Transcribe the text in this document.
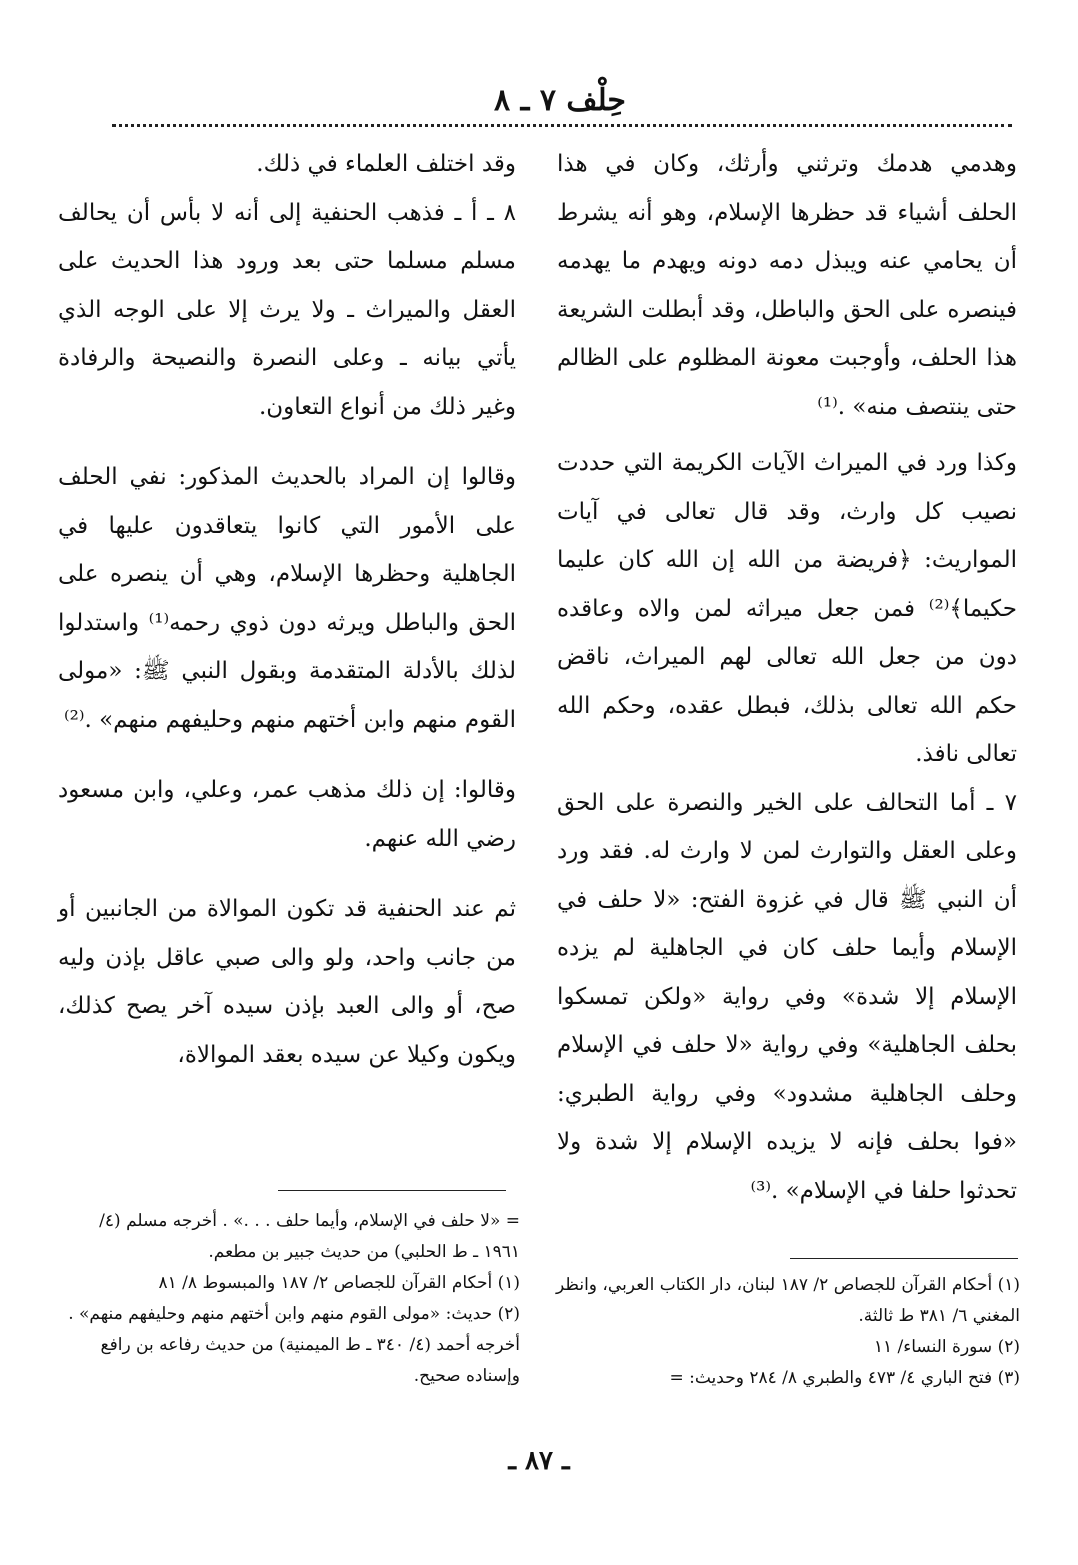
حِلْف ٧ ـ ٨

وهدمي هدمك وترثني وأرثك، وكان في هذا الحلف أشياء قد حظرها الإسلام، وهو أنه يشرط أن يحامي عنه ويبذل دمه دونه ويهدم ما يهدمه فينصره على الحق والباطل، وقد أبطلت الشريعة هذا الحلف، وأوجبت معونة المظلوم على الظالم حتى ينتصف منه» .⁽¹⁾

وكذا ورد في الميراث الآيات الكريمة التي حددت نصيب كل وارث، وقد قال تعالى في آيات المواريث: ﴿فريضة من الله إن الله كان عليما حكيما﴾⁽²⁾ فمن جعل ميراثه لمن والاه وعاقده دون من جعل الله تعالى لهم الميراث، ناقض حكم الله تعالى بذلك، فبطل عقده، وحكم الله تعالى نافذ.

٧ ـ أما التحالف على الخير والنصرة على الحق وعلى العقل والتوارث لمن لا وارث له. فقد ورد أن النبي ﷺ قال في غزوة الفتح: «لا حلف في الإسلام وأيما حلف كان في الجاهلية لم يزده الإسلام إلا شدة» وفي رواية «ولكن تمسكوا بحلف الجاهلية» وفي رواية «لا حلف في الإسلام وحلف الجاهلية مشدود» وفي رواية الطبري: «فوا بحلف فإنه لا يزيده الإسلام إلا شدة ولا تحدثوا حلفا في الإسلام» .⁽³⁾

وقد اختلف العلماء في ذلك.

٨ ـ أ ـ فذهب الحنفية إلى أنه لا بأس أن يحالف مسلم مسلما حتى بعد ورود هذا الحديث على العقل والميراث ـ ولا يرث إلا على الوجه الذي يأتي بيانه ـ وعلى النصرة والنصيحة والرفادة وغير ذلك من أنواع التعاون.

وقالوا إن المراد بالحديث المذكور: نفي الحلف على الأمور التي كانوا يتعاقدون عليها في الجاهلية وحظرها الإسلام، وهي أن ينصره على الحق والباطل ويرثه دون ذوي رحمه⁽¹⁾ واستدلوا لذلك بالأدلة المتقدمة وبقول النبي ﷺ: «مولى القوم منهم وابن أختهم منهم وحليفهم منهم» .⁽²⁾

وقالوا: إن ذلك مذهب عمر، وعلي، وابن مسعود رضي الله عنهم.

ثم عند الحنفية قد تكون الموالاة من الجانبين أو من جانب واحد، ولو والى صبي عاقل بإذن وليه صح، أو والى العبد بإذن سيده آخر يصح كذلك، ويكون وكيلا عن سيده بعقد الموالاة،

(١) أحكام القرآن للجصاص ٢/ ١٨٧ لبنان، دار الكتاب العربي، وانظر المغني ٦/ ٣٨١ ط ثالثة.

(٢) سورة النساء/ ١١

(٣) فتح الباري ٤/ ٤٧٣ والطبري ٨/ ٢٨٤ وحديث: =

= «لا حلف في الإسلام، وأيما حلف . . .» . أخرجه مسلم (٤/ ١٩٦١ ـ ط الحلبي) من حديث جبير بن مطعم.

(١) أحكام القرآن للجصاص ٢/ ١٨٧ والمبسوط ٨/ ٨١

(٢) حديث: «مولى القوم منهم وابن أختهم منهم وحليفهم منهم» . أخرجه أحمد (٤/ ٣٤٠ ـ ط الميمنية) من حديث رفاعه بن رافع وإسناده صحيح.

ـ ٨٧ ـ
